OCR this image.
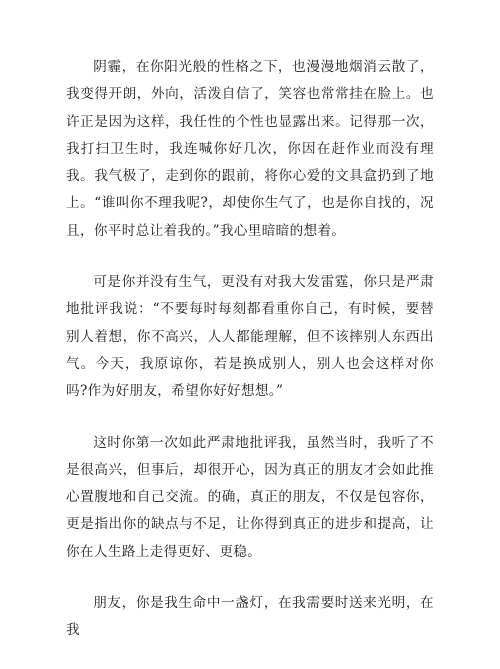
阴霾，在你阳光般的性格之下，也漫漫地烟消云散了，我变得开朗，外向，活泼自信了，笑容也常常挂在脸上。也许正是因为这样，我任性的个性也显露出来。记得那一次，我打扫卫生时，我连喊你好几次，你因在赶作业而没有理我。我气极了，走到你的跟前，将你心爱的文具盒扔到了地上。“谁叫你不理我呢?，却使你生气了，也是你自找的，况且，你平时总让着我的。”我心里暗暗的想着。

可是你并没有生气，更没有对我大发雷霆，你只是严肃地批评我说：“不要每时每刻都看重你自己，有时候，要替别人着想，你不高兴，人人都能理解，但不该摔别人东西出气。今天，我原谅你，若是换成别人，别人也会这样对你吗?作为好朋友，希望你好好想想。”

这时你第一次如此严肃地批评我，虽然当时，我听了不是很高兴，但事后，却很开心，因为真正的朋友才会如此推心置腹地和自己交流。的确，真正的朋友，不仅是包容你，更是指出你的缺点与不足，让你得到真正的进步和提高，让你在人生路上走得更好、更稳。

朋友，你是我生命中一盏灯，在我需要时送来光明，在我
